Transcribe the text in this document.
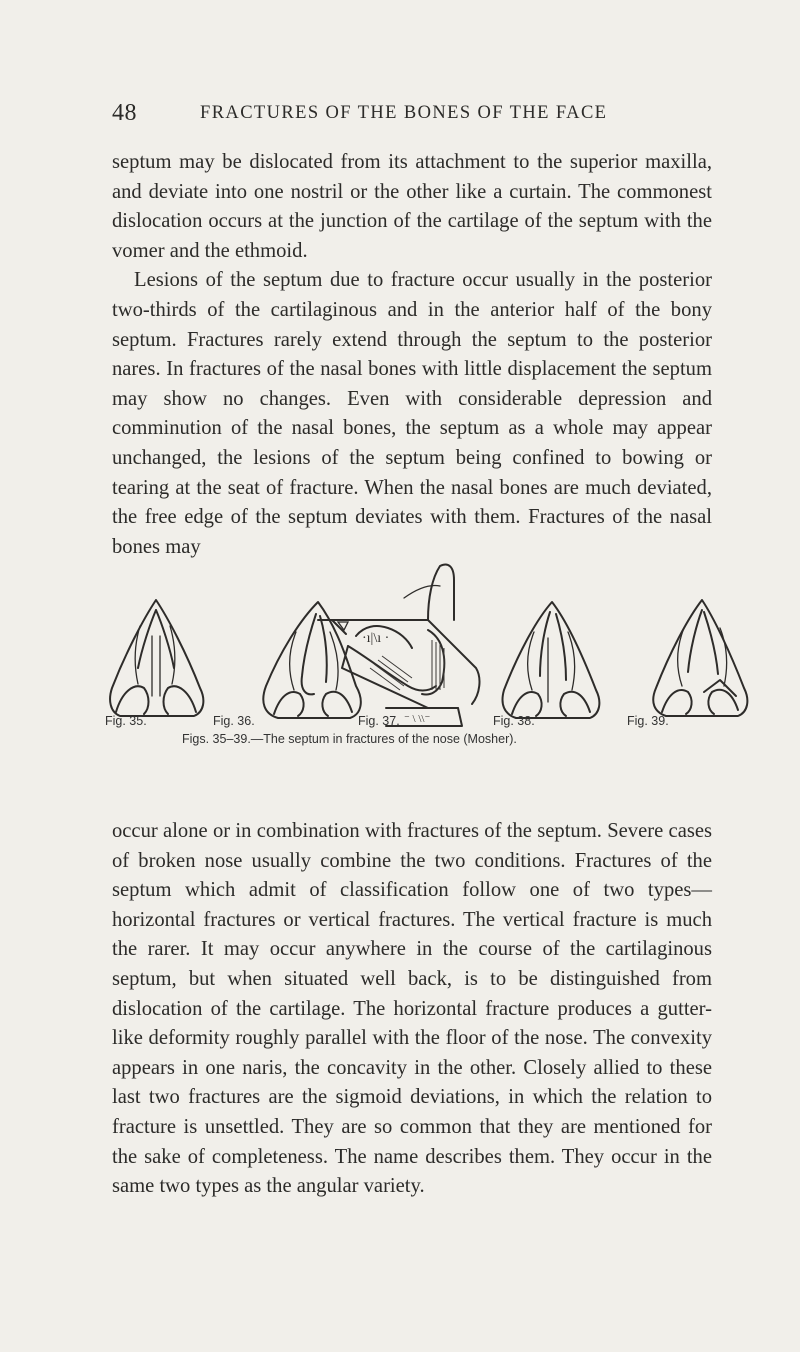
48	FRACTURES OF THE BONES OF THE FACE
septum may be dislocated from its attachment to the superior maxilla, and deviate into one nostril or the other like a curtain. The commonest dislocation occurs at the junction of the cartilage of the septum with the vomer and the ethmoid.
Lesions of the septum due to fracture occur usually in the posterior two-thirds of the cartilaginous and in the anterior half of the bony septum. Fractures rarely extend through the septum to the posterior nares. In fractures of the nasal bones with little displacement the septum may show no changes. Even with considerable depression and comminution of the nasal bones, the septum as a whole may appear unchanged, the lesions of the septum being confined to bowing or tearing at the seat of fracture. When the nasal bones are much deviated, the free edge of the septum deviates with them. Fractures of the nasal bones may
·ı|\ı ·
⁻ \ \\⁻
Fig. 35.	Fig. 36.	Fig. 37.	Fig. 38.	Fig. 39.
Figs. 35–39.—The septum in fractures of the nose (Mosher).
occur alone or in combination with fractures of the septum. Severe cases of broken nose usually combine the two conditions. Fractures of the septum which admit of classification follow one of two types—horizontal fractures or vertical fractures. The vertical fracture is much the rarer. It may occur anywhere in the course of the cartilaginous septum, but when situated well back, is to be distinguished from dislocation of the cartilage. The horizontal fracture produces a gutter-like deformity roughly parallel with the floor of the nose. The convexity appears in one naris, the concavity in the other. Closely allied to these last two fractures are the sigmoid deviations, in which the relation to fracture is unsettled. They are so common that they are mentioned for the sake of completeness. The name describes them. They occur in the same two types as the angular variety.
